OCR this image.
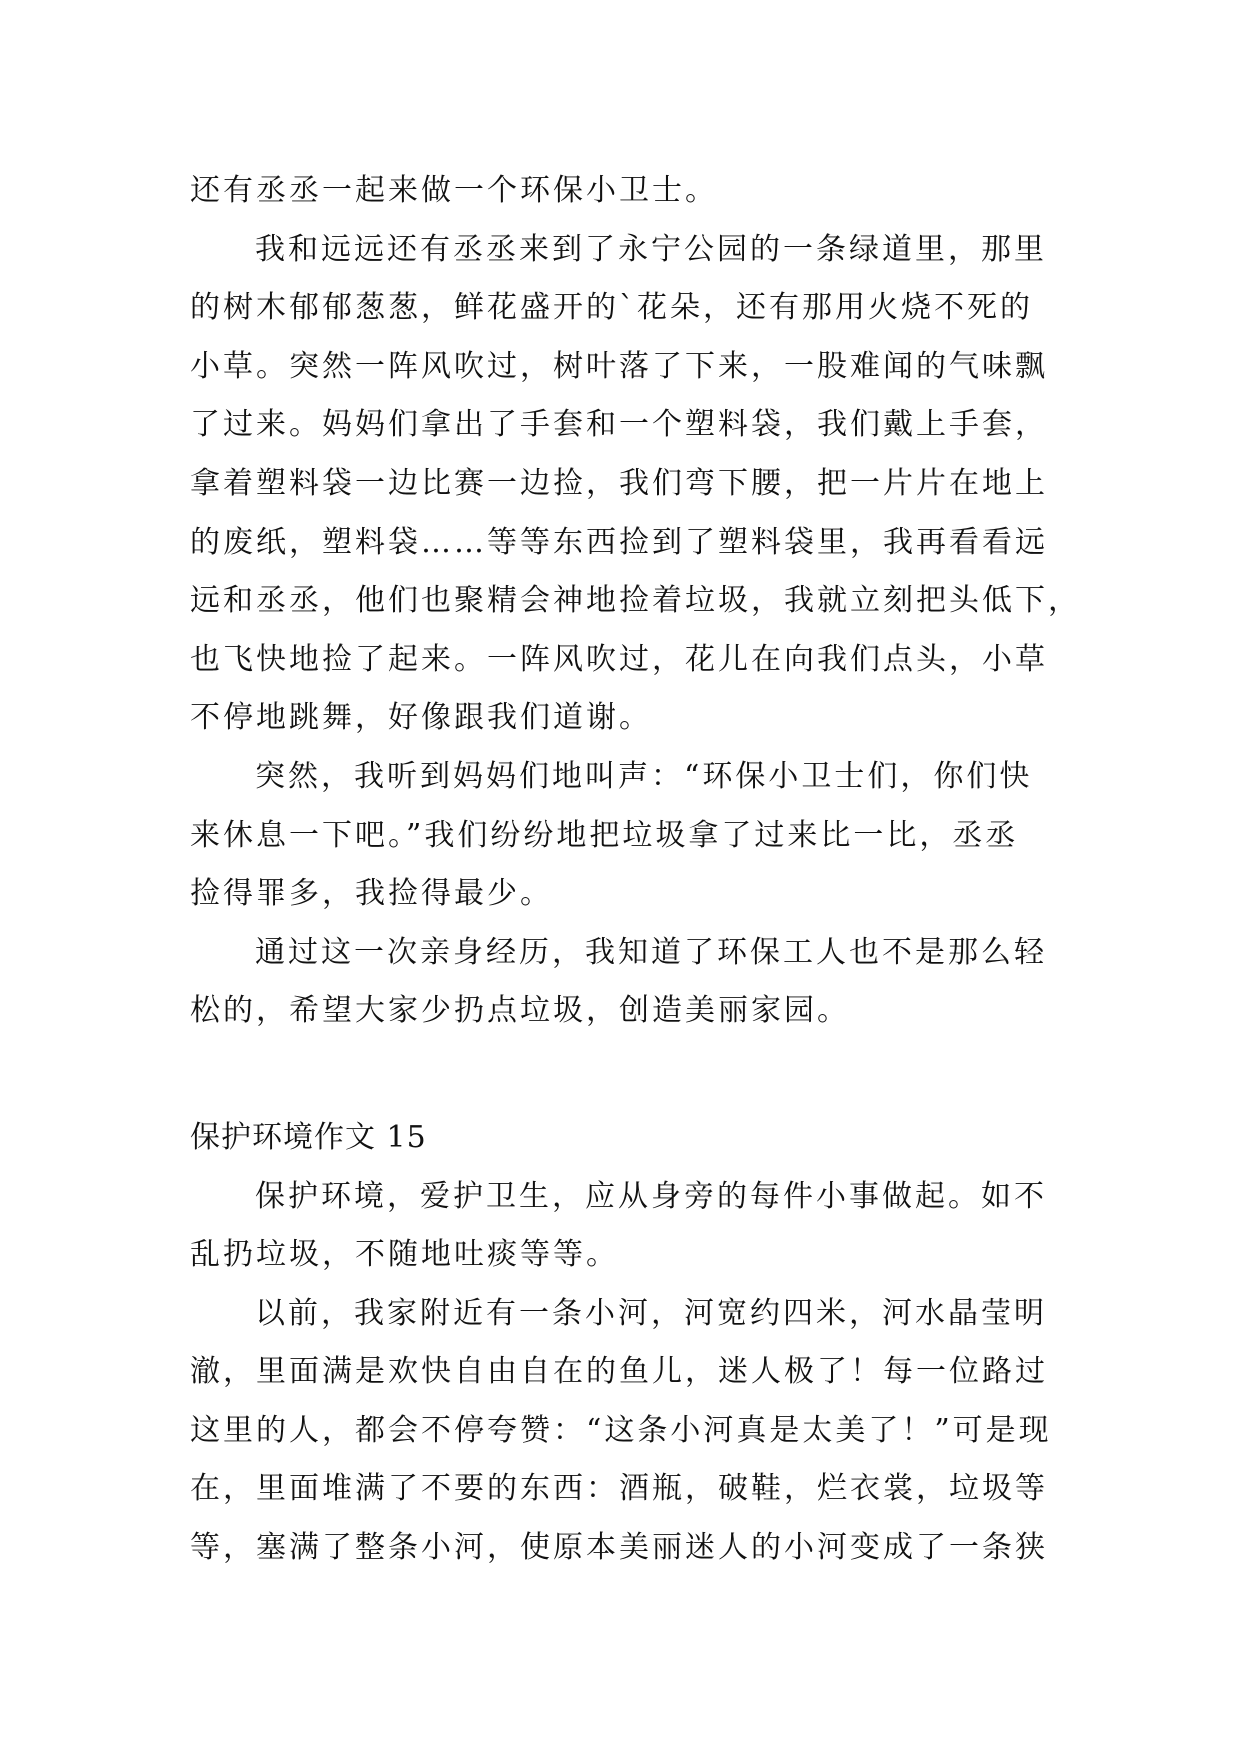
还有丞丞一起来做一个环保小卫士。
我和远远还有丞丞来到了永宁公园的一条绿道里，那里
的树木郁郁葱葱，鲜花盛开的`花朵，还有那用火烧不死的
小草。突然一阵风吹过，树叶落了下来，一股难闻的气味飘
了过来。妈妈们拿出了手套和一个塑料袋，我们戴上手套，
拿着塑料袋一边比赛一边捡，我们弯下腰，把一片片在地上
的废纸，塑料袋……等等东西捡到了塑料袋里，我再看看远
远和丞丞，他们也聚精会神地捡着垃圾，我就立刻把头低下，
也飞快地捡了起来。一阵风吹过，花儿在向我们点头，小草
不停地跳舞，好像跟我们道谢。
突然，我听到妈妈们地叫声：“环保小卫士们，你们快
来休息一下吧。”我们纷纷地把垃圾拿了过来比一比，丞丞
捡得罪多，我捡得最少。
通过这一次亲身经历，我知道了环保工人也不是那么轻
松的，希望大家少扔点垃圾，创造美丽家园。
保护环境作文 15
保护环境，爱护卫生，应从身旁的每件小事做起。如不
乱扔垃圾，不随地吐痰等等。
以前，我家附近有一条小河，河宽约四米，河水晶莹明
澈，里面满是欢快自由自在的鱼儿，迷人极了！每一位路过
这里的人，都会不停夸赞：“这条小河真是太美了！”可是现
在，里面堆满了不要的东西：酒瓶，破鞋，烂衣裳，垃圾等
等，塞满了整条小河，使原本美丽迷人的小河变成了一条狭
